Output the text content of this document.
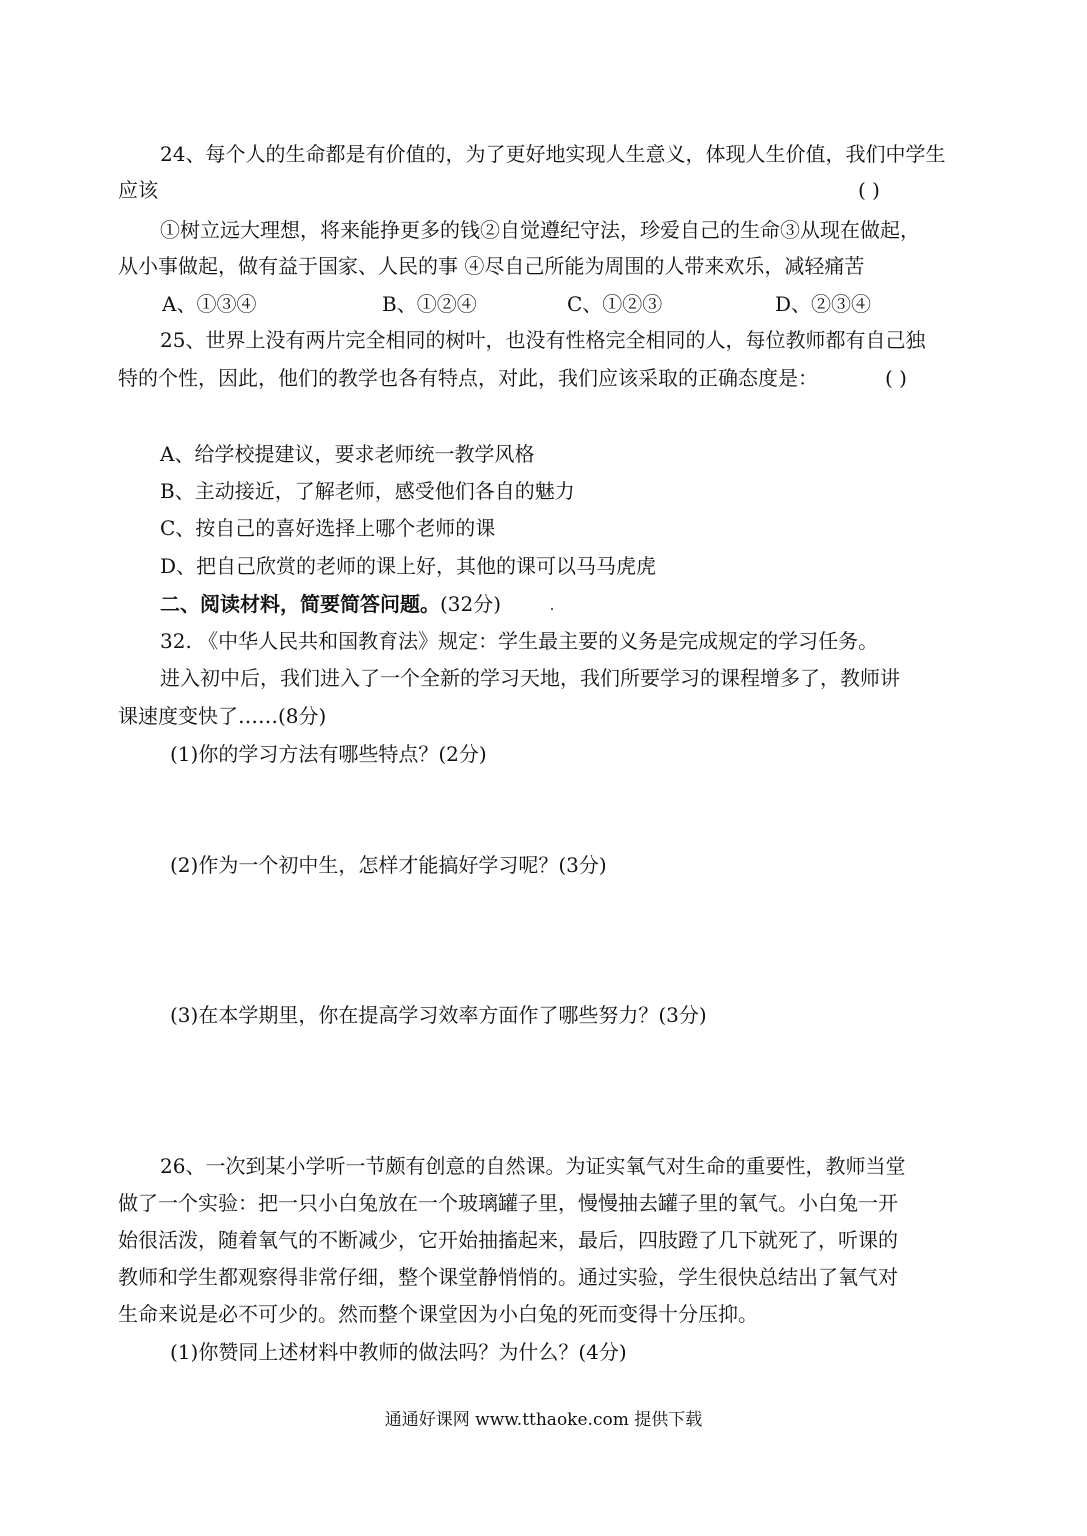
24、每个人的生命都是有价值的，为了更好地实现人生意义，体现人生价值，我们中学生
应该	( )
①树立远大理想，将来能挣更多的钱②自觉遵纪守法，珍爱自己的生命③从现在做起，
从小事做起，做有益于国家、人民的事 ④尽自己所能为周围的人带来欢乐，减轻痛苦
A、①③④	B、①②④	C、①②③	D、②③④
25、世界上没有两片完全相同的树叶，也没有性格完全相同的人，每位教师都有自己独
特的个性，因此，他们的教学也各有特点，对此，我们应该采取的正确态度是：	( )
A、给学校提建议，要求老师统一教学风格
B、主动接近，了解老师，感受他们各自的魅力
C、按自己的喜好选择上哪个老师的课
D、把自己欣赏的老师的课上好，其他的课可以马马虎虎
二、阅读材料，简要简答问题。(32分)
32. 《中华人民共和国教育法》规定：学生最主要的义务是完成规定的学习任务。
进入初中后，我们进入了一个全新的学习天地，我们所要学习的课程增多了，教师讲
课速度变快了……(8分)
(1)你的学习方法有哪些特点？(2分)
(2)作为一个初中生，怎样才能搞好学习呢？(3分)
(3)在本学期里，你在提高学习效率方面作了哪些努力？(3分)
26、一次到某小学听一节颇有创意的自然课。为证实氧气对生命的重要性，教师当堂
做了一个实验：把一只小白兔放在一个玻璃罐子里，慢慢抽去罐子里的氧气。小白兔一开
始很活泼，随着氧气的不断减少，它开始抽搐起来，最后，四肢蹬了几下就死了，听课的
教师和学生都观察得非常仔细，整个课堂静悄悄的。通过实验，学生很快总结出了氧气对
生命来说是必不可少的。然而整个课堂因为小白兔的死而变得十分压抑。
(1)你赞同上述材料中教师的做法吗？为什么？(4分)
通通好课网 www.tthaoke.com 提供下载
